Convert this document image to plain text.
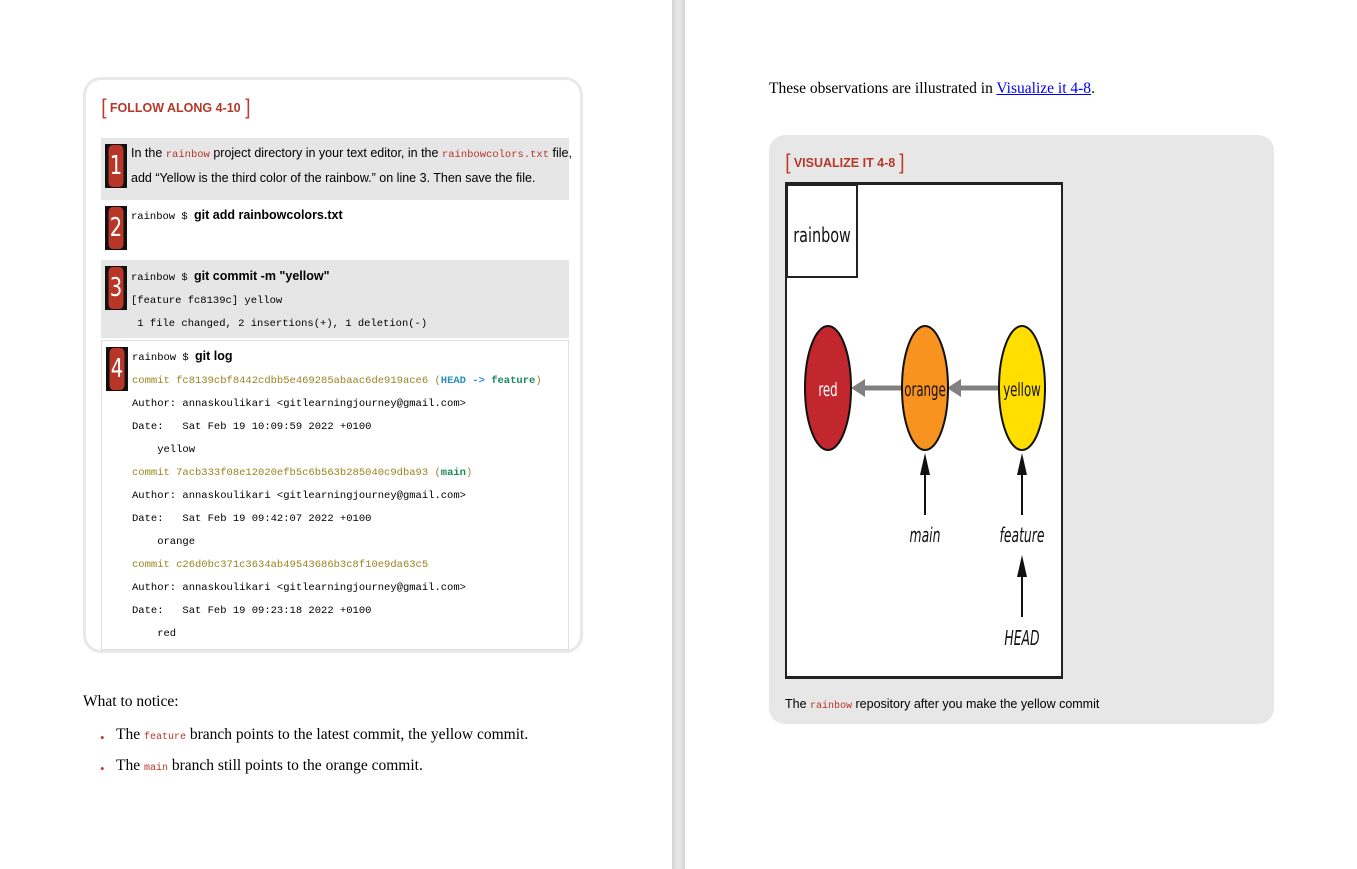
[ FOLLOW ALONG 4-10 ]
1 In the rainbow project directory in your text editor, in the rainbowcolors.txt file,
add “Yellow is the third color of the rainbow.” on line 3. Then save the file.
2 rainbow $ git add rainbowcolors.txt
3 rainbow $ git commit -m "yellow"
[feature fc8139c] yellow
1 file changed, 2 insertions(+), 1 deletion(-)
4 rainbow $ git log
commit fc8139cbf8442cdbb5e469285abaac6de919ace6 (HEAD -> feature)
Author: annaskoulikari <gitlearningjourney@gmail.com>
Date:   Sat Feb 19 10:09:59 2022 +0100
yellow
commit 7acb333f08e12020efb5c6b563b285040c9dba93 (main)
Author: annaskoulikari <gitlearningjourney@gmail.com>
Date:   Sat Feb 19 09:42:07 2022 +0100
orange
commit c26d0bc371c3634ab49543686b3c8f10e9da63c5
Author: annaskoulikari <gitlearningjourney@gmail.com>
Date:   Sat Feb 19 09:23:18 2022 +0100
red
What to notice:
• The feature branch points to the latest commit, the yellow commit.
• The main branch still points to the orange commit.
These observations are illustrated in Visualize it 4-8.
[ VISUALIZE IT 4-8 ]
rainbow
red	orange	yellow
main	feature
HEAD
The rainbow repository after you make the yellow commit
